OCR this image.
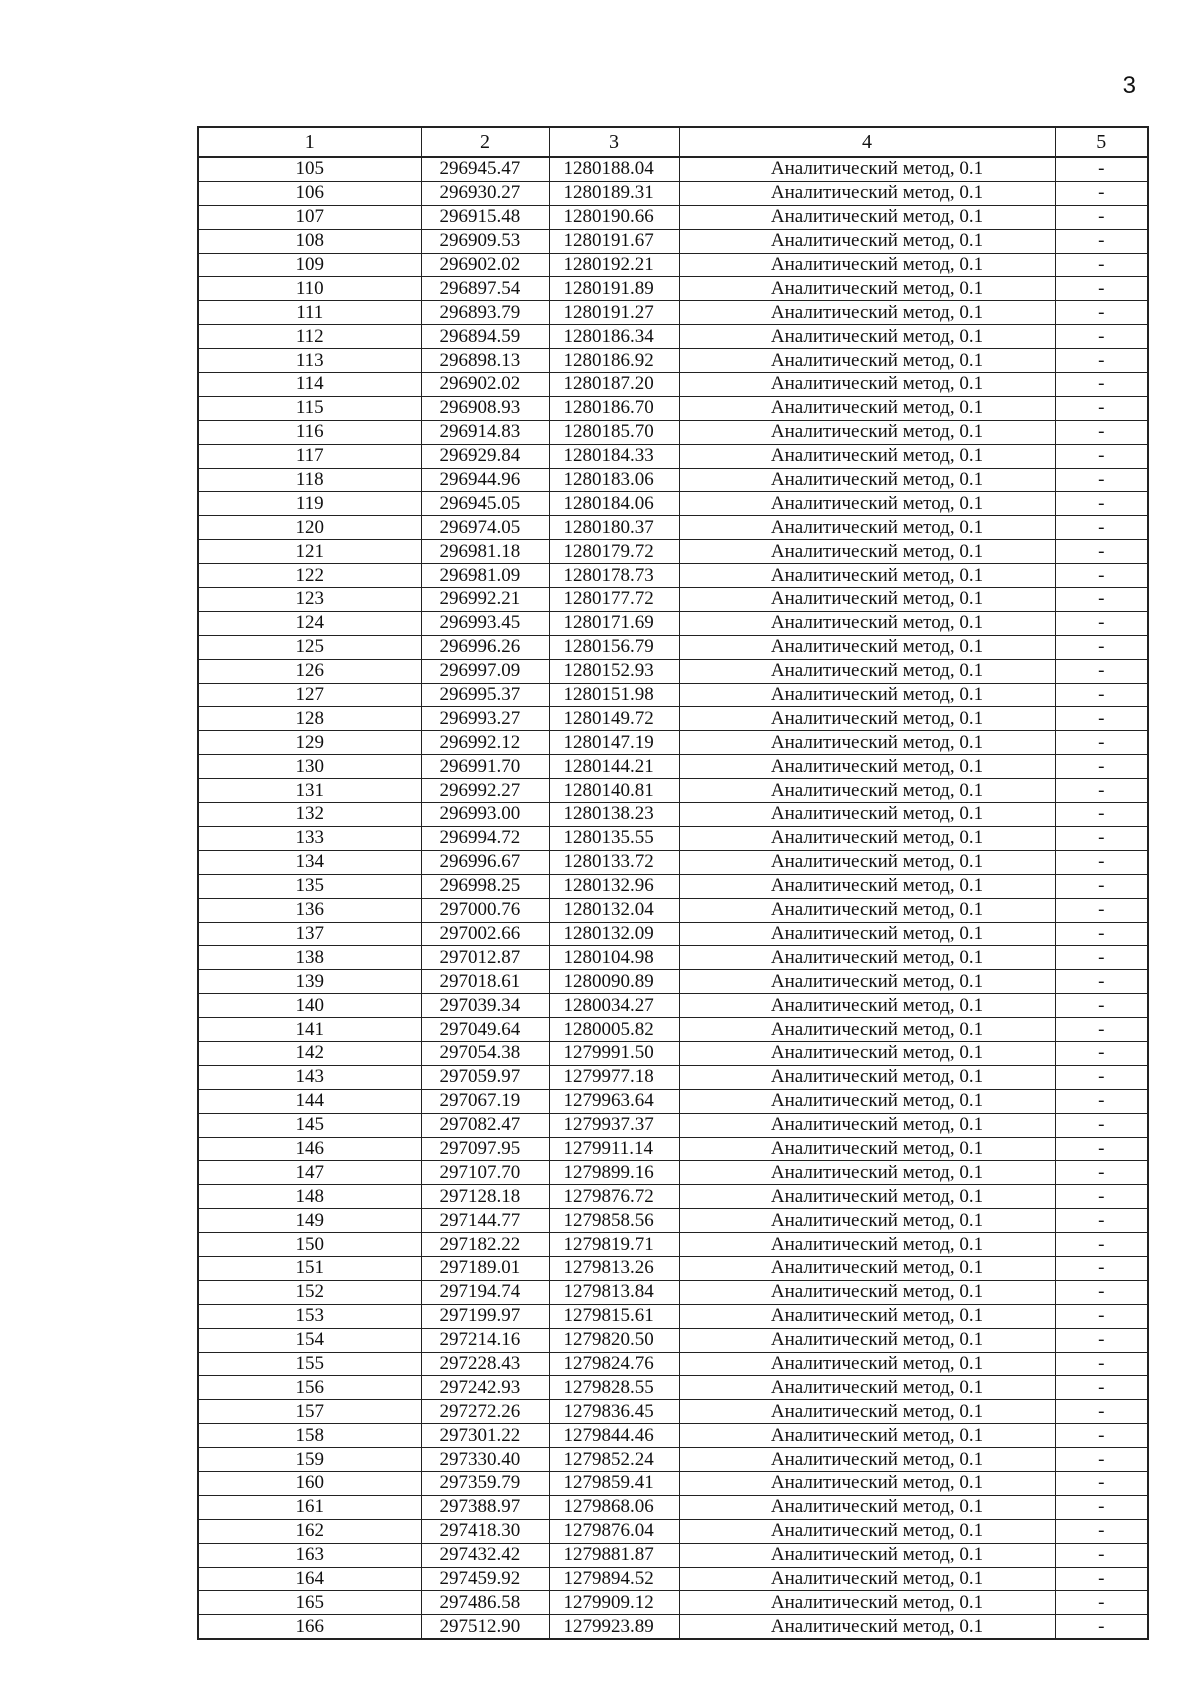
3
1	2	3	4	5
105	296945.47	1280188.04	Аналитический метод, 0.1	-
106	296930.27	1280189.31	Аналитический метод, 0.1	-
107	296915.48	1280190.66	Аналитический метод, 0.1	-
108	296909.53	1280191.67	Аналитический метод, 0.1	-
109	296902.02	1280192.21	Аналитический метод, 0.1	-
110	296897.54	1280191.89	Аналитический метод, 0.1	-
111	296893.79	1280191.27	Аналитический метод, 0.1	-
112	296894.59	1280186.34	Аналитический метод, 0.1	-
113	296898.13	1280186.92	Аналитический метод, 0.1	-
114	296902.02	1280187.20	Аналитический метод, 0.1	-
115	296908.93	1280186.70	Аналитический метод, 0.1	-
116	296914.83	1280185.70	Аналитический метод, 0.1	-
117	296929.84	1280184.33	Аналитический метод, 0.1	-
118	296944.96	1280183.06	Аналитический метод, 0.1	-
119	296945.05	1280184.06	Аналитический метод, 0.1	-
120	296974.05	1280180.37	Аналитический метод, 0.1	-
121	296981.18	1280179.72	Аналитический метод, 0.1	-
122	296981.09	1280178.73	Аналитический метод, 0.1	-
123	296992.21	1280177.72	Аналитический метод, 0.1	-
124	296993.45	1280171.69	Аналитический метод, 0.1	-
125	296996.26	1280156.79	Аналитический метод, 0.1	-
126	296997.09	1280152.93	Аналитический метод, 0.1	-
127	296995.37	1280151.98	Аналитический метод, 0.1	-
128	296993.27	1280149.72	Аналитический метод, 0.1	-
129	296992.12	1280147.19	Аналитический метод, 0.1	-
130	296991.70	1280144.21	Аналитический метод, 0.1	-
131	296992.27	1280140.81	Аналитический метод, 0.1	-
132	296993.00	1280138.23	Аналитический метод, 0.1	-
133	296994.72	1280135.55	Аналитический метод, 0.1	-
134	296996.67	1280133.72	Аналитический метод, 0.1	-
135	296998.25	1280132.96	Аналитический метод, 0.1	-
136	297000.76	1280132.04	Аналитический метод, 0.1	-
137	297002.66	1280132.09	Аналитический метод, 0.1	-
138	297012.87	1280104.98	Аналитический метод, 0.1	-
139	297018.61	1280090.89	Аналитический метод, 0.1	-
140	297039.34	1280034.27	Аналитический метод, 0.1	-
141	297049.64	1280005.82	Аналитический метод, 0.1	-
142	297054.38	1279991.50	Аналитический метод, 0.1	-
143	297059.97	1279977.18	Аналитический метод, 0.1	-
144	297067.19	1279963.64	Аналитический метод, 0.1	-
145	297082.47	1279937.37	Аналитический метод, 0.1	-
146	297097.95	1279911.14	Аналитический метод, 0.1	-
147	297107.70	1279899.16	Аналитический метод, 0.1	-
148	297128.18	1279876.72	Аналитический метод, 0.1	-
149	297144.77	1279858.56	Аналитический метод, 0.1	-
150	297182.22	1279819.71	Аналитический метод, 0.1	-
151	297189.01	1279813.26	Аналитический метод, 0.1	-
152	297194.74	1279813.84	Аналитический метод, 0.1	-
153	297199.97	1279815.61	Аналитический метод, 0.1	-
154	297214.16	1279820.50	Аналитический метод, 0.1	-
155	297228.43	1279824.76	Аналитический метод, 0.1	-
156	297242.93	1279828.55	Аналитический метод, 0.1	-
157	297272.26	1279836.45	Аналитический метод, 0.1	-
158	297301.22	1279844.46	Аналитический метод, 0.1	-
159	297330.40	1279852.24	Аналитический метод, 0.1	-
160	297359.79	1279859.41	Аналитический метод, 0.1	-
161	297388.97	1279868.06	Аналитический метод, 0.1	-
162	297418.30	1279876.04	Аналитический метод, 0.1	-
163	297432.42	1279881.87	Аналитический метод, 0.1	-
164	297459.92	1279894.52	Аналитический метод, 0.1	-
165	297486.58	1279909.12	Аналитический метод, 0.1	-
166	297512.90	1279923.89	Аналитический метод, 0.1	-
